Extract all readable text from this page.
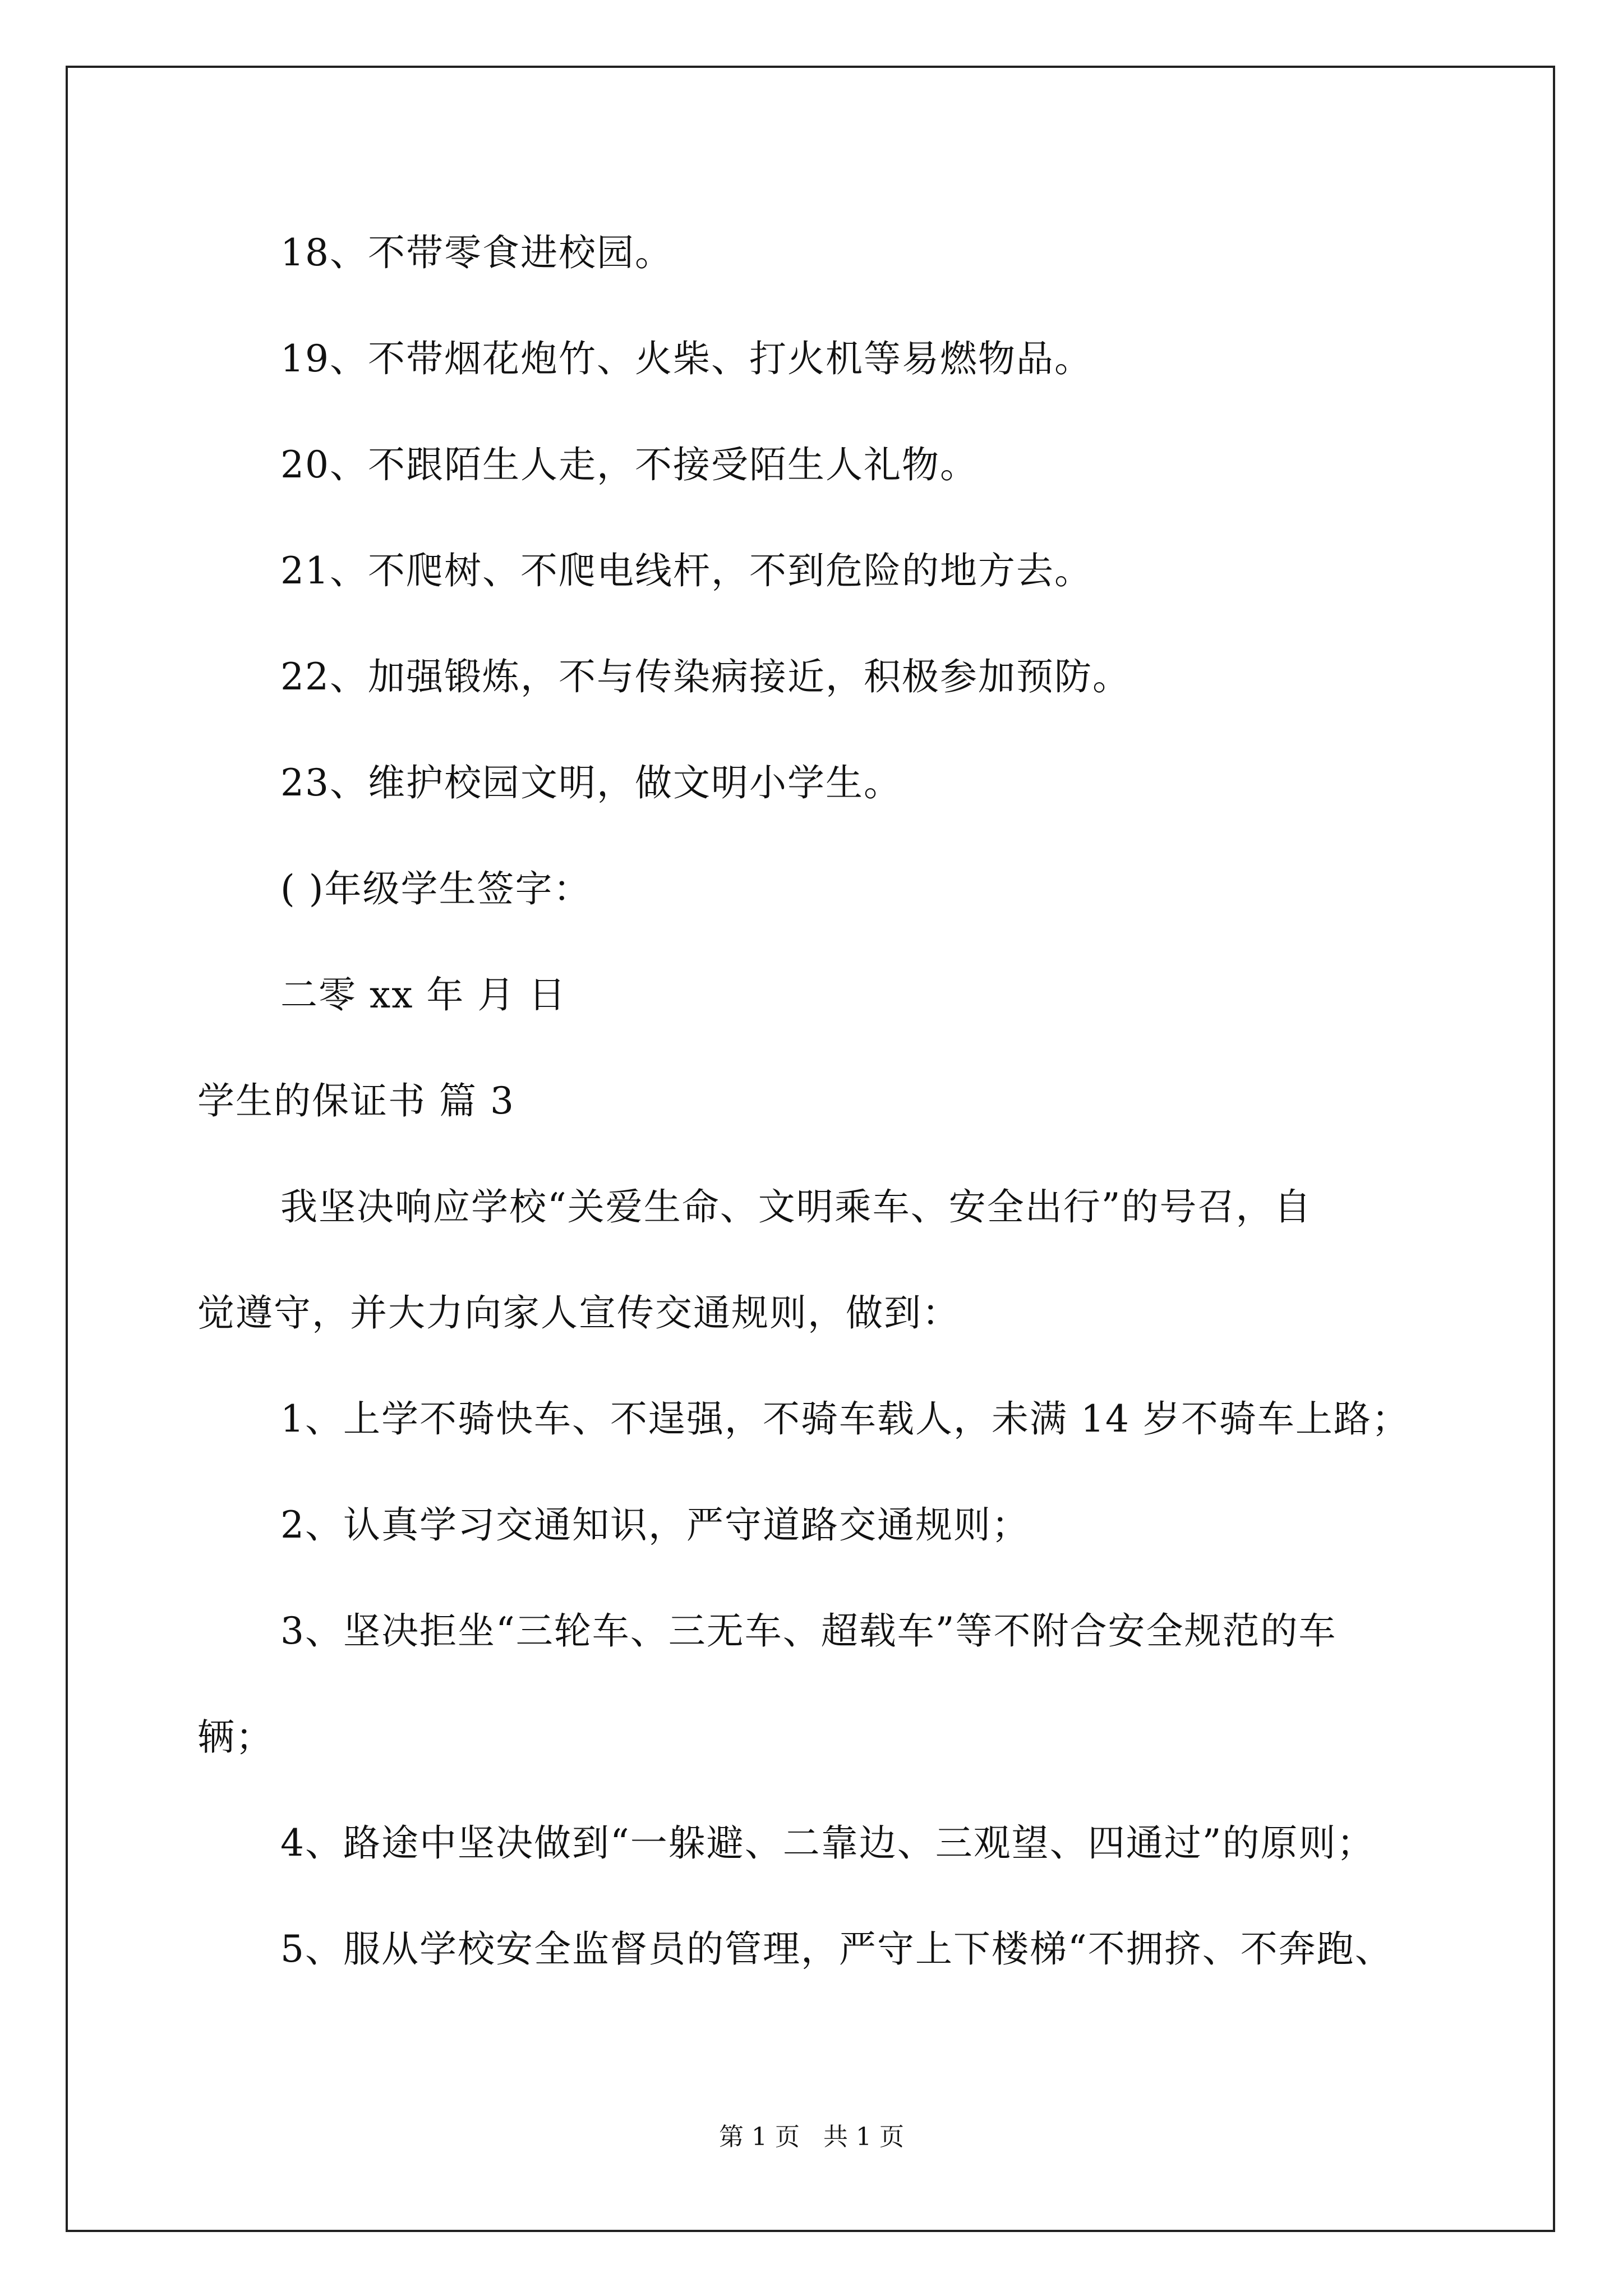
18、不带零食进校园。
19、不带烟花炮竹、火柴、打火机等易燃物品。
20、不跟陌生人走，不接受陌生人礼物。
21、不爬树、不爬电线杆，不到危险的地方去。
22、加强锻炼，不与传染病接近，积极参加预防。
23、维护校园文明，做文明小学生。
( )年级学生签字：
二零 xx 年 月 日
学生的保证书 篇 3
我坚决响应学校“关爱生命、文明乘车、安全出行”的号召，自
觉遵守，并大力向家人宣传交通规则，做到：
1、上学不骑快车、不逞强，不骑车载人，未满 14 岁不骑车上路；
2、认真学习交通知识，严守道路交通规则；
3、坚决拒坐“三轮车、三无车、超载车”等不附合安全规范的车
辆；
4、路途中坚决做到“一躲避、二靠边、三观望、四通过”的原则；
5、服从学校安全监督员的管理，严守上下楼梯“不拥挤、不奔跑、
第 1 页   共 1 页
